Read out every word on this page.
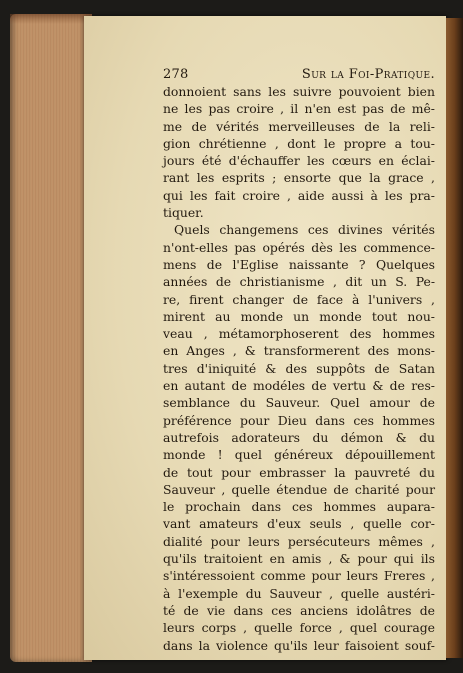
278	Sur la Foi-Pratique.
donnoient sans les suivre pouvoient bien
ne les pas croire , il n'en est pas de mê-
me de vérités merveilleuses de la reli-
gion chrétienne , dont le propre a tou-
jours été d'échauffer les cœurs en éclai-
rant les esprits ; ensorte que la grace ,
qui les fait croire , aide aussi à les pra-
tiquer.
Quels changemens ces divines vérités
n'ont-elles pas opérés dès les commence-
mens de l'Eglise naissante ? Quelques
années de christianisme , dit un S. Pe-
re, firent changer de face à l'univers ,
mirent au monde un monde tout nou-
veau , métamorphoserent des hommes
en Anges , & transformerent des mons-
tres d'iniquité & des suppôts de Satan
en autant de modéles de vertu & de res-
semblance du Sauveur. Quel amour de
préférence pour Dieu dans ces hommes
autrefois adorateurs du démon & du
monde ! quel généreux dépouillement
de tout pour embrasser la pauvreté du
Sauveur , quelle étendue de charité pour
le prochain dans ces hommes aupara-
vant amateurs d'eux seuls , quelle cor-
dialité pour leurs persécuteurs mêmes ,
qu'ils traitoient en amis , & pour qui ils
s'intéressoient comme pour leurs Freres ,
à l'exemple du Sauveur , quelle austéri-
té de vie dans ces anciens idolâtres de
leurs corps , quelle force , quel courage
dans la violence qu'ils leur faisoient souf-
